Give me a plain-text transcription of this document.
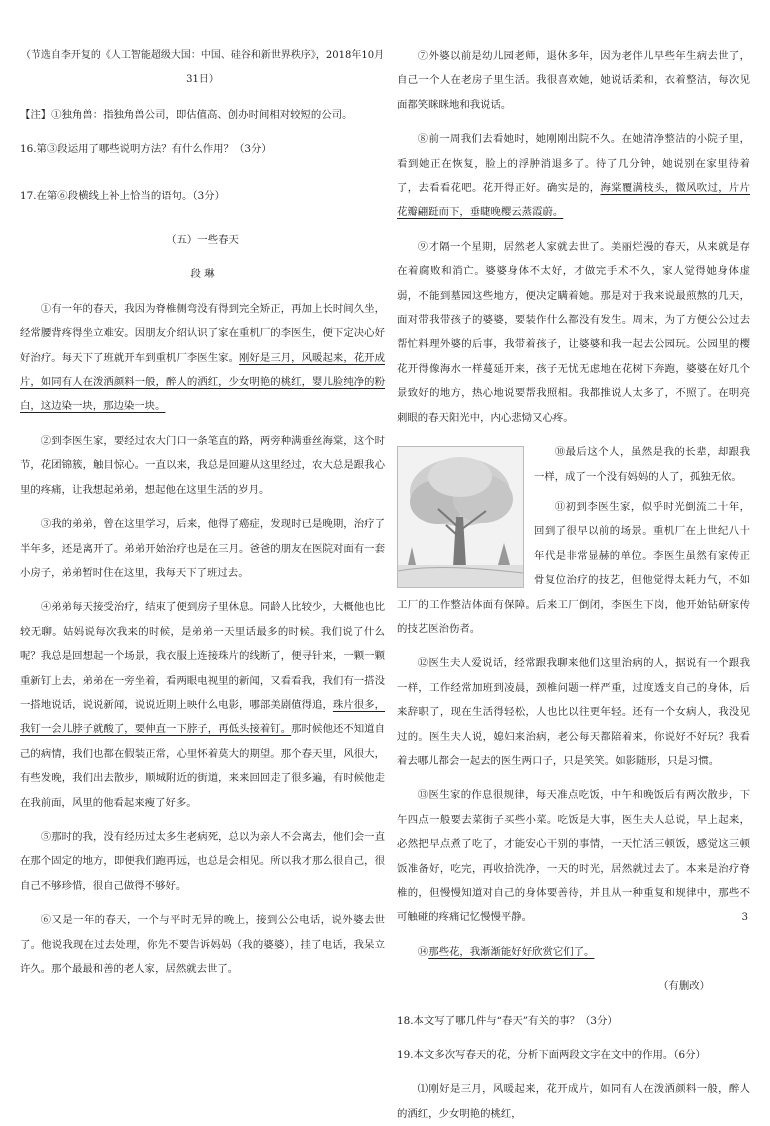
（节选自李开复的《人工智能超级大国：中国、硅谷和新世界秩序》，2018年10月31日）

【注】①独角兽：指独角兽公司，即估值高、创办时间相对较短的公司。

16.第③段运用了哪些说明方法？有什么作用？（3分）

17.在第⑥段横线上补上恰当的语句。（3分）

（五）一些春天

段 琳

①有一年的春天，我因为脊椎侧弯没有得到完全矫正，再加上长时间久坐，经常腰背疼得坐立难安。因朋友介绍认识了家在重机厂的李医生，便下定决心好好治疗。每天下了班就开车到重机厂李医生家。刚好是三月，风暖起来，花开成片，如同有人在泼洒颜料一般，醉人的洒红，少女明艳的桃红，婴儿脸纯净的粉白，这边染一块，那边染一块。

②到李医生家，要经过农大门口一条笔直的路，两旁种满垂丝海棠，这个时节，花团锦簇，触目惊心。一直以来，我总是回避从这里经过，农大总是跟我心里的疼痛，让我想起弟弟，想起他在这里生活的岁月。

③我的弟弟，曾在这里学习，后来，他得了癌症，发现时已是晚期，治疗了半年多，还是离开了。弟弟开始治疗也是在三月。爸爸的朋友在医院对面有一套小房子，弟弟暂时住在这里，我每天下了班过去。

④弟弟每天接受治疗，结束了便到房子里休息。同龄人比较少，大概他也比较无聊。姑妈说每次我来的时候，是弟弟一天里话最多的时候。我们说了什么呢？我总是回想起一个场景，我衣服上连接珠片的线断了，便寻针来，一颗一颗重新钉上去，弟弟在一旁坐着，看两眼电视里的新闻，又看看我，我们有一搭没一搭地说话，说说新闻，说说近期上映什么电影，哪部美剧值得追，珠片很多，我钉一会儿脖子就酸了，要伸直一下脖子，再低头接着钉。那时候他还不知道自己的病情，我们也都在假装正常，心里怀着莫大的期望。那个春天里，风很大，有些发晚，我们出去散步，顺城附近的街道，来来回回走了很多遍，有时候他走在我前面，风里的他看起来瘦了好多。

⑤那时的我，没有经历过太多生老病死，总以为亲人不会离去，他们会一直在那个固定的地方，即便我们跑再远，也总是会相见。所以我才那么很自己，很自己不够珍惜，很自己做得不够好。

⑥又是一年的春天，一个与平时无异的晚上，接到公公电话，说外婆去世了。他说我现在过去处理，你先不要告诉妈妈（我的婆婆），挂了电话，我呆立许久。那个最最和善的老人家，居然就去世了。

⑦外婆以前是幼儿园老师，退休多年，因为老伴儿早些年生病去世了，自己一个人在老房子里生活。我很喜欢她，她说话柔和，衣着整洁，每次见面都笑眯眯地和我说话。

⑧前一周我们去看她时，她刚刚出院不久。在她清净整洁的小院子里，看到她正在恢复，脸上的浮肿消退多了。待了几分钟，她说别在家里待着了，去看看花吧。花开得正好。确实是的，海棠覆满枝头，微风吹过，片片花瓣翩跹而下，垂睫晚樱云蒸霞蔚。

⑨才隔一个星期，居然老人家就去世了。美丽烂漫的春天，从来就是存在着腐败和消亡。婆婆身体不太好，才做完手术不久，家人觉得她身体虚弱，不能到墓园这些地方，便决定瞒着她。那是对于我来说最煎熬的几天，面对带我带孩子的婆婆，要装作什么都没有发生。周末，为了方便公公过去帮忙料理外婆的后事，我带着孩子，让婆婆和我一起去公园玩。公园里的樱花开得像海水一样蔓延开来，孩子无忧无虑地在花树下奔跑，婆婆在好几个景致好的地方，热心地说要帮我照相。我都推说人太多了，不照了。在明亮刺眼的春天阳光中，内心悲恸又心疼。

⑩最后这个人，虽然是我的长辈，却跟我一样，成了一个没有妈妈的人了，孤独无依。

⑪初到李医生家，似乎时光倒流二十年，回到了很早以前的场景。重机厂在上世纪八十年代是非常显赫的单位。李医生虽然有家传正骨复位治疗的技艺，但他觉得太耗力气，不如工厂的工作整洁体面有保障。后来工厂倒闭，李医生下岗，他开始钻研家传的技艺医治伤者。

⑫医生夫人爱说话，经常跟我聊来他们这里治病的人，据说有一个跟我一样，工作经常加班到凌晨，颈椎问题一样严重，过度透支自己的身体，后来辞职了，现在生活得轻松，人也比以往更年轻。还有一个女病人，我没见过的。医生夫人说，媳妇来治病，老公每天都陪着来，你说好不好玩？我看着去哪儿都会一起去的医生两口子，只是笑笑。如影随形，只是习惯。

⑬医生家的作息很规律，每天准点吃饭，中午和晚饭后有两次散步，下午四点一般要去菜街子买些小菜。吃饭是大事，医生夫人总说，早上起来，必然把早点煮了吃了，才能安心干别的事情，一天忙活三顿饭，感觉这三顿饭准备好，吃完，再收拾洗净，一天的时光，居然就过去了。本来是治疗脊椎的，但慢慢知道对自己的身体要善待，并且从一种重复和规律中，那些不可触碰的疼痛记忆慢慢平静。

⑭那些花，我渐渐能好好欣赏它们了。

（有删改）

18.本文写了哪几件与“春天”有关的事？（3分）

19.本文多次写春天的花，分析下面两段文字在文中的作用。（6分）

⑴刚好是三月，风暖起来，花开成片，如同有人在泼洒颜料一般，醉人的洒红，少女明艳的桃红，

3
